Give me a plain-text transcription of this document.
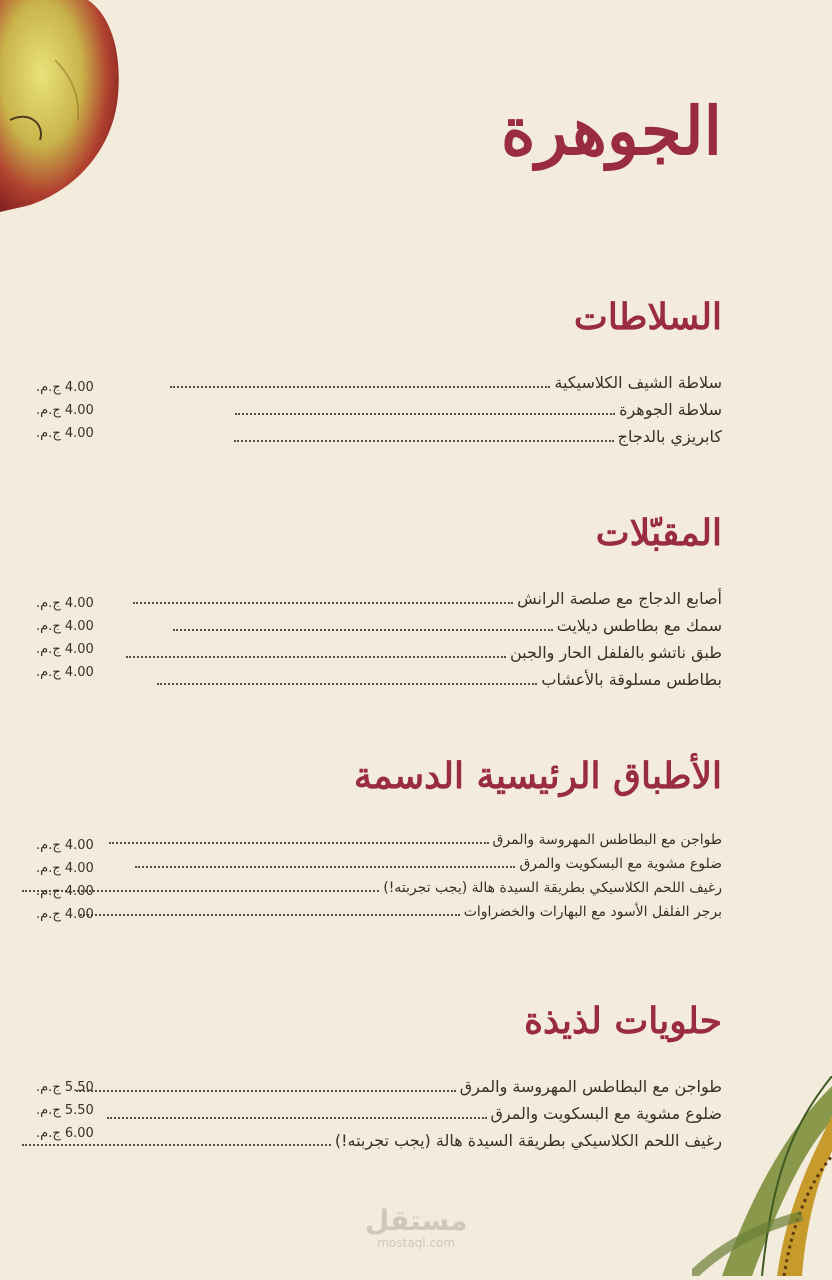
الجوهرة
السلاطات
سلاطة الشيف الكلاسيكية
سلاطة الجوهرة
كابريزي بالدجاج
4.00 ج.م.
4.00 ج.م.
4.00 ج.م.
المقبّلات
أصابع الدجاج مع صلصة الرانش
سمك مع بطاطس ديلايت
طبق ناتشو بالفلفل الحار والجبن
بطاطس مسلوقة بالأعشاب
4.00 ج.م.
4.00 ج.م.
4.00 ج.م.
4.00 ج.م.
الأطباق الرئيسية الدسمة
طواجن مع البطاطس المهروسة والمرق
ضلوع مشوية مع البسكويت والمرق
رغيف اللحم الكلاسيكي بطريقة السيدة هالة (يجب تجربته!)
برجر الفلفل الأسود مع البهارات والخضراوات
4.00 ج.م.
4.00 ج.م.
4.00 ج.م.
4.00 ج.م.
حلويات لذيذة
طواجن مع البطاطس المهروسة والمرق
ضلوع مشوية مع البسكويت والمرق
رغيف اللحم الكلاسيكي بطريقة السيدة هالة (يجب تجربته!)
5.50 ج.م.
5.50 ج.م.
6.00 ج.م.
مستقل
mostaql.com
